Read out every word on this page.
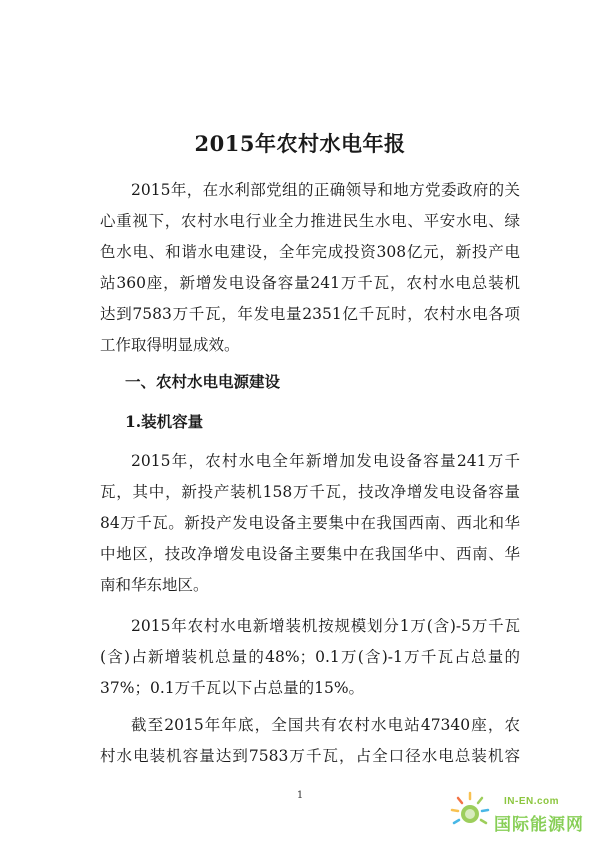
2015年农村水电年报
2015年，在水利部党组的正确领导和地方党委政府的关
心重视下，农村水电行业全力推进民生水电、平安水电、绿
色水电、和谐水电建设，全年完成投资308亿元，新投产电
站360座，新增发电设备容量241万千瓦，农村水电总装机
达到7583万千瓦，年发电量2351亿千瓦时，农村水电各项
工作取得明显成效。
一、农村水电电源建设
1.装机容量
2015年，农村水电全年新增加发电设备容量241万千
瓦，其中，新投产装机158万千瓦，技改净增发电设备容量
84万千瓦。新投产发电设备主要集中在我国西南、西北和华
中地区，技改净增发电设备主要集中在我国华中、西南、华
南和华东地区。
2015年农村水电新增装机按规模划分1万(含)-5万千瓦
(含)占新增装机总量的48%；0.1万(含)-1万千瓦占总量的
37%；0.1万千瓦以下占总量的15%。
截至2015年年底，全国共有农村水电站47340座，农
村水电装机容量达到7583万千瓦，占全口径水电总装机容
1
IN-EN.com
国际能源网
